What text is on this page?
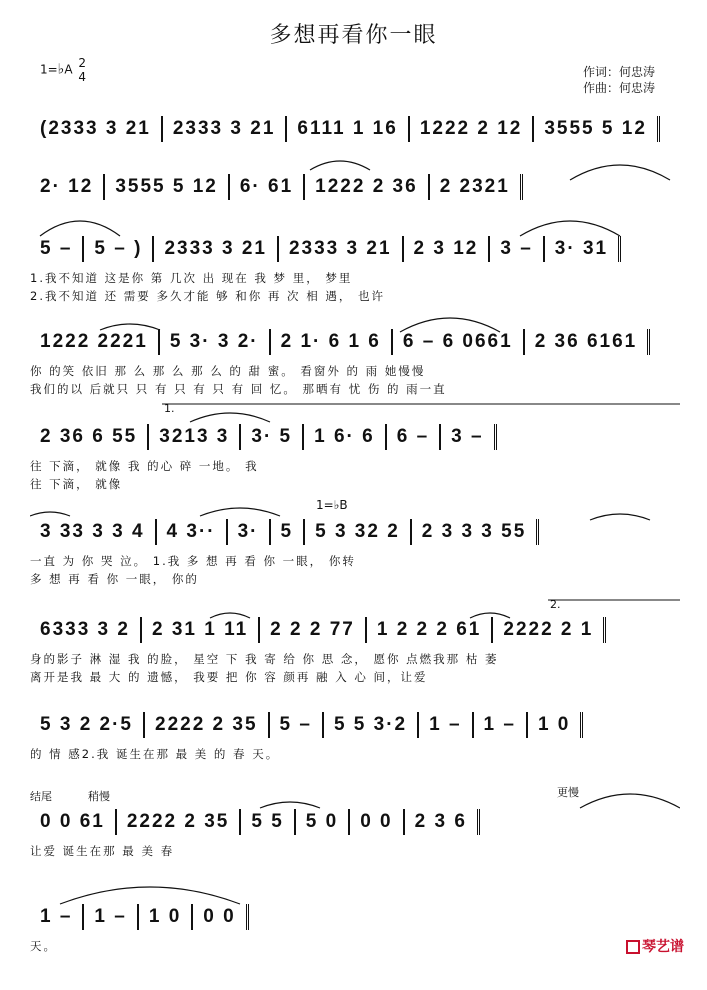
多想再看你一眼
1=♭A 2
4	作词：何忠涛
作曲：何忠涛
(2333 3 21 2333 3 21 6111 1 16 1222 2 12 3555 5 12
2· 12 3555 5 12 6· 61 1222 2 36 2 2321
5 – 5 – ) 2333 3 21 2333 3 21 2 3 12 3 – 3· 31
1.我不知道 这是你 第 几次 出 现在 我 梦 里， 梦里
2.我不知道 还 需要 多久才能 够 和你 再 次 相 遇， 也许
1222 2221 5 3· 3 2· 2 1· 6 1 6 6 – 6 0661 2 36 6161
你 的笑 依旧 那 么 那 么 那 么 的 甜 蜜。 看窗外 的 雨 她慢慢
我们的以 后就只 只 有 只 有 只 有 回 忆。 那晒有 忧 伤 的 雨一直
2 36 6 55 3213 3 3· 5 1 6· 6 6 – 3 –
往 下滴， 就像 我 的心 碎 一地。 我
往 下滴， 就像
3 33 3 3 4 4 3·· 3· 5 5 3 32 2 2 3 3 3 55
一直 为 你 哭 泣。 1.我 多 想 再 看 你 一眼， 你转
多 想 再 看 你 一眼， 你的
6333 3 2 2 31 1 11 2 2 2 77 1 2 2 2 61 2222 2 1
身的影子 淋 湿 我 的脸， 星空 下 我 寄 给 你 思 念， 愿你 点燃我那 枯 萎
离开是我 最 大 的 遗憾， 我要 把 你 容 颜再 融 入 心 间，让爱
5 3 2 2·5 2222 2 35 5 – 5 5 3·2 1 – 1 – 1 0
的 情 感2.我 诞生在那 最 美 的 春 天。
0 0 61 2222 2 35 5 5 5 0 0 0 2 3 6
让爱 诞生在那 最 美 春
1 – 1 – 1 0 0 0
天。
结尾	稍慢	更慢
1.
2.
1=♭B
琴艺谱
